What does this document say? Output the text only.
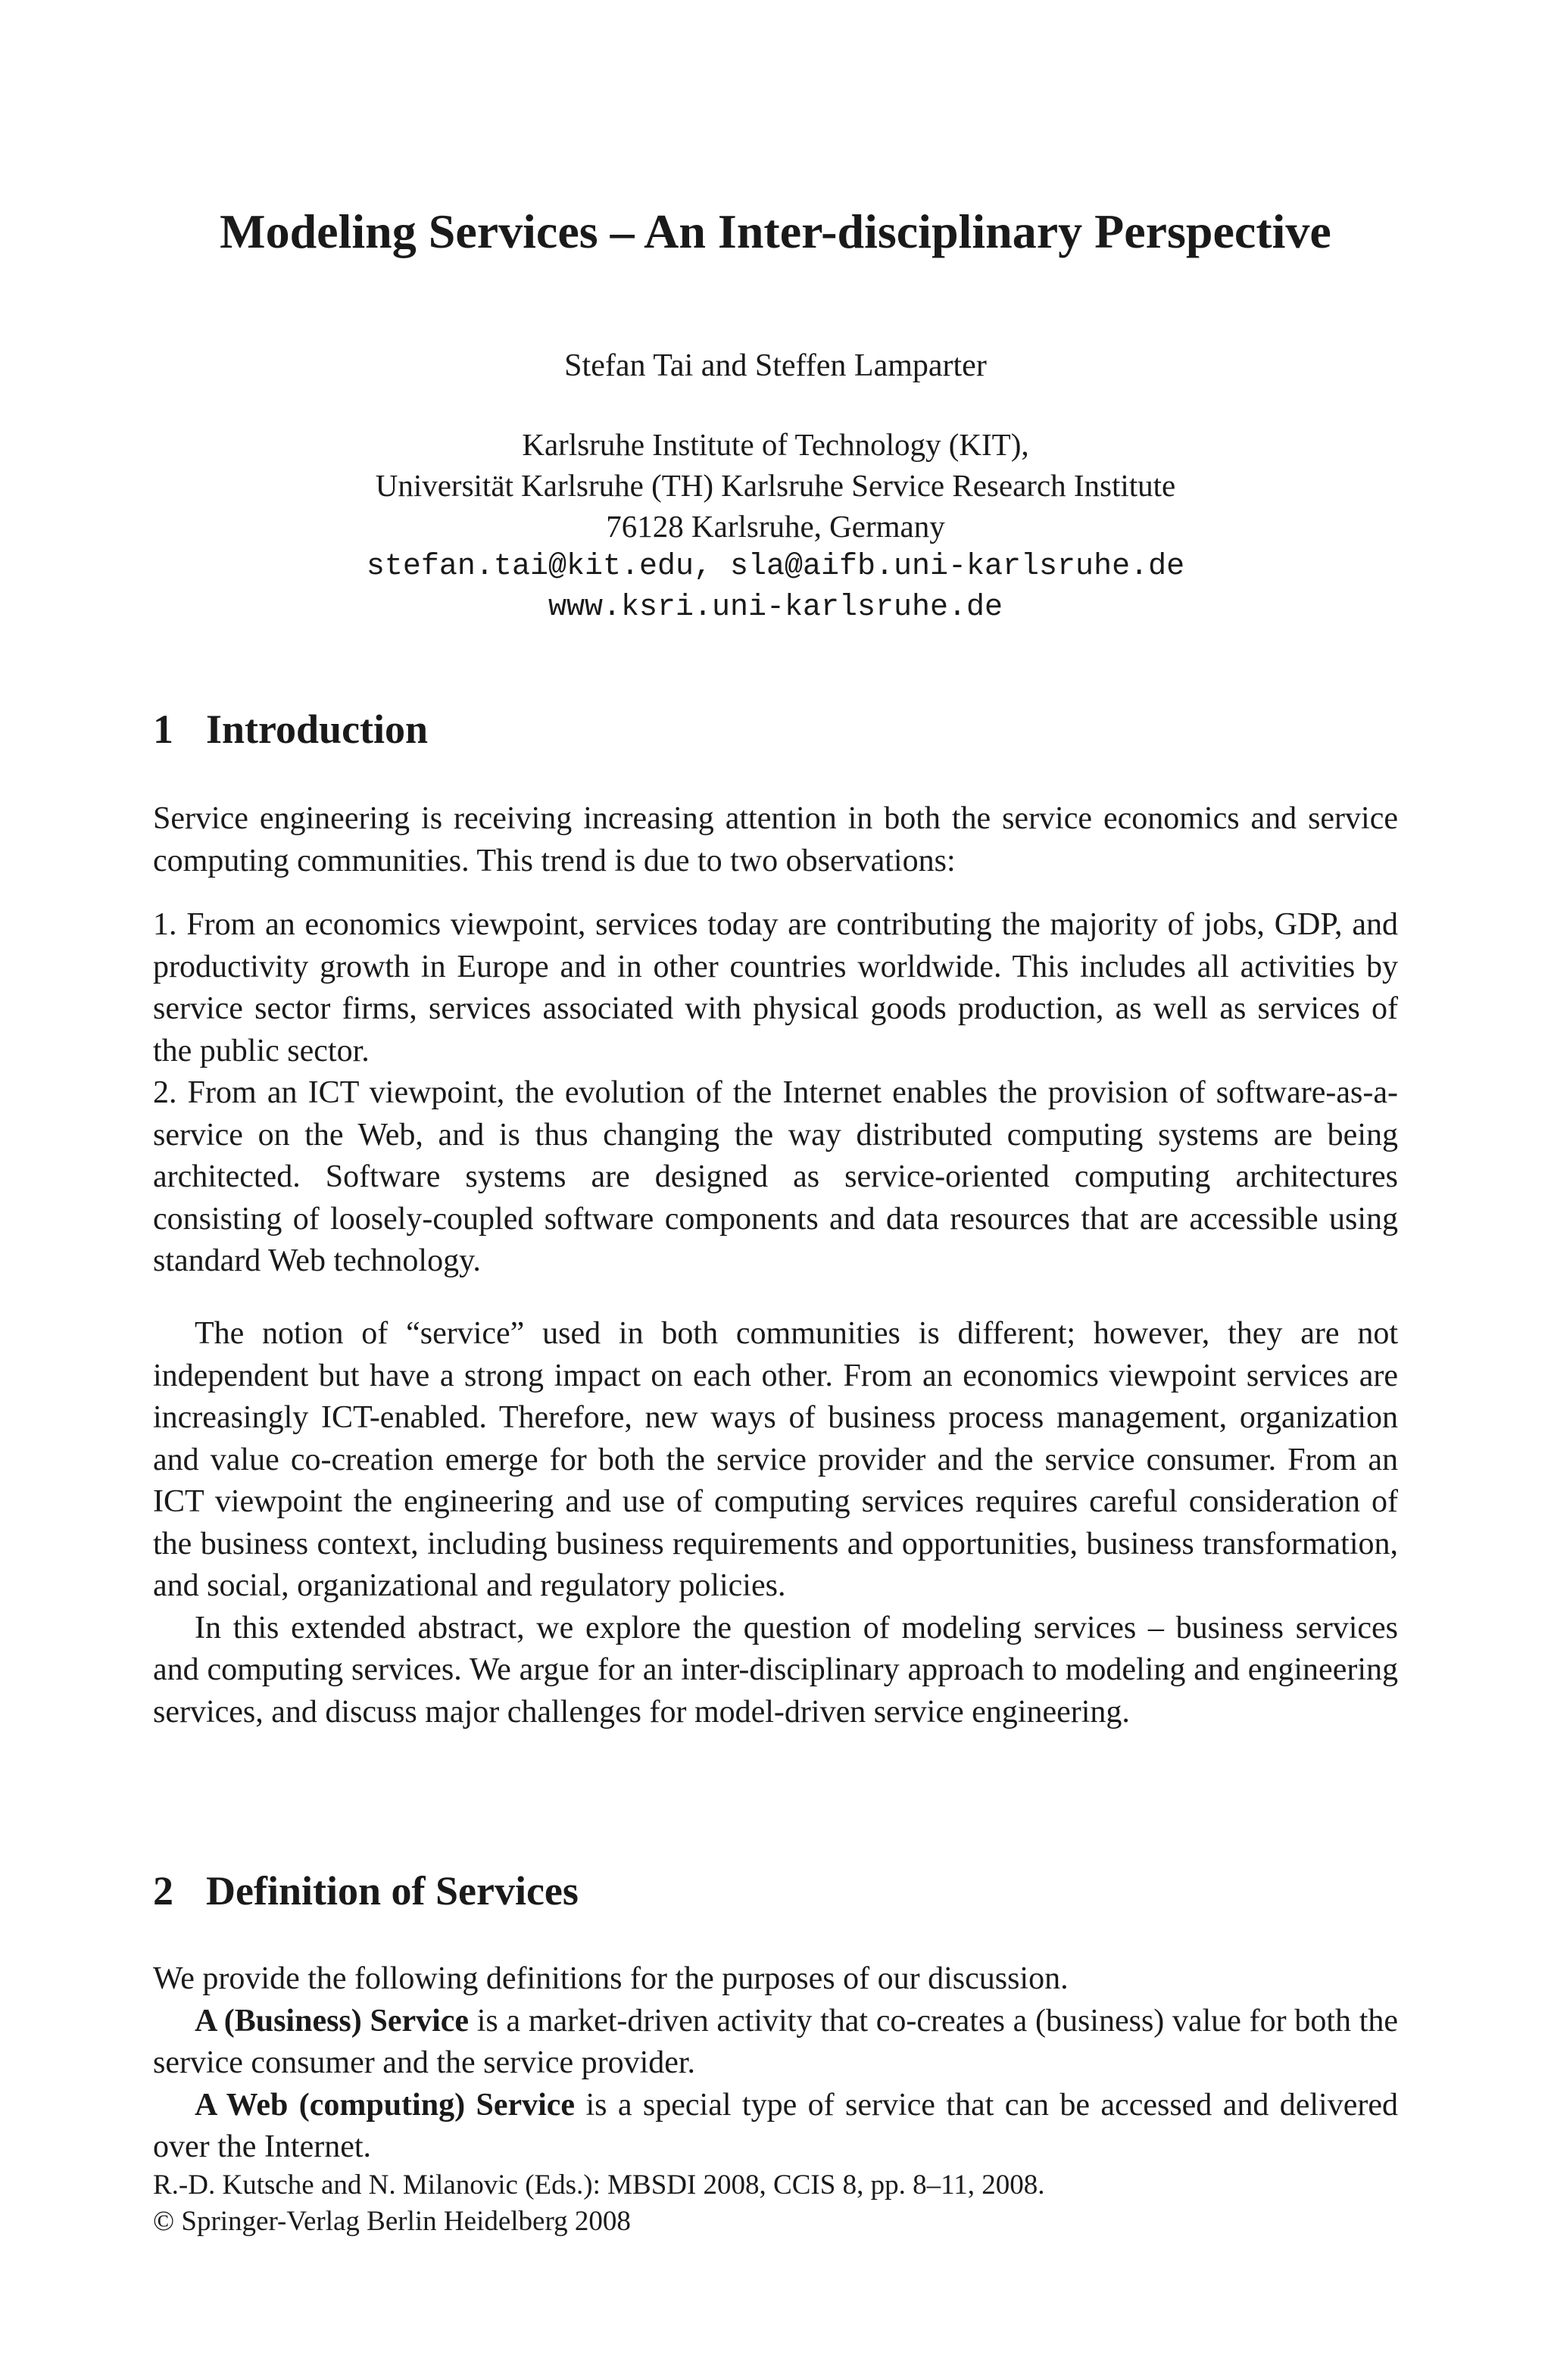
Modeling Services – An Inter-disciplinary Perspective
Stefan Tai and Steffen Lamparter
Karlsruhe Institute of Technology (KIT),
Universität Karlsruhe (TH) Karlsruhe Service Research Institute
76128 Karlsruhe, Germany
stefan.tai@kit.edu, sla@aifb.uni-karlsruhe.de
www.ksri.uni-karlsruhe.de
1 Introduction

Service engineering is receiving increasing attention in both the service economics and service computing communities. This trend is due to two observations:

1. From an economics viewpoint, services today are contributing the majority of jobs, GDP, and productivity growth in Europe and in other countries worldwide. This includes all activities by service sector firms, services associated with physical goods production, as well as services of the public sector.

2. From an ICT viewpoint, the evolution of the Internet enables the provision of software-as-a-service on the Web, and is thus changing the way distributed computing systems are being architected. Software systems are designed as service-oriented computing architectures consisting of loosely-coupled software components and data resources that are accessible using standard Web technology.

The notion of “service” used in both communities is different; however, they are not independent but have a strong impact on each other. From an economics viewpoint services are increasingly ICT-enabled. Therefore, new ways of business process management, organization and value co-creation emerge for both the service provider and the service consumer. From an ICT viewpoint the engineering and use of computing services requires careful consideration of the business context, including business requirements and opportunities, business transformation, and social, organizational and regulatory policies.

In this extended abstract, we explore the question of modeling services – business services and computing services. We argue for an inter-disciplinary approach to modeling and engineering services, and discuss major challenges for model-driven service engineering.

2 Definition of Services

We provide the following definitions for the purposes of our discussion.

A (Business) Service is a market-driven activity that co-creates a (business) value for both the service consumer and the service provider.

A Web (computing) Service is a special type of service that can be accessed and delivered over the Internet.

R.-D. Kutsche and N. Milanovic (Eds.): MBSDI 2008, CCIS 8, pp. 8–11, 2008.
© Springer-Verlag Berlin Heidelberg 2008
